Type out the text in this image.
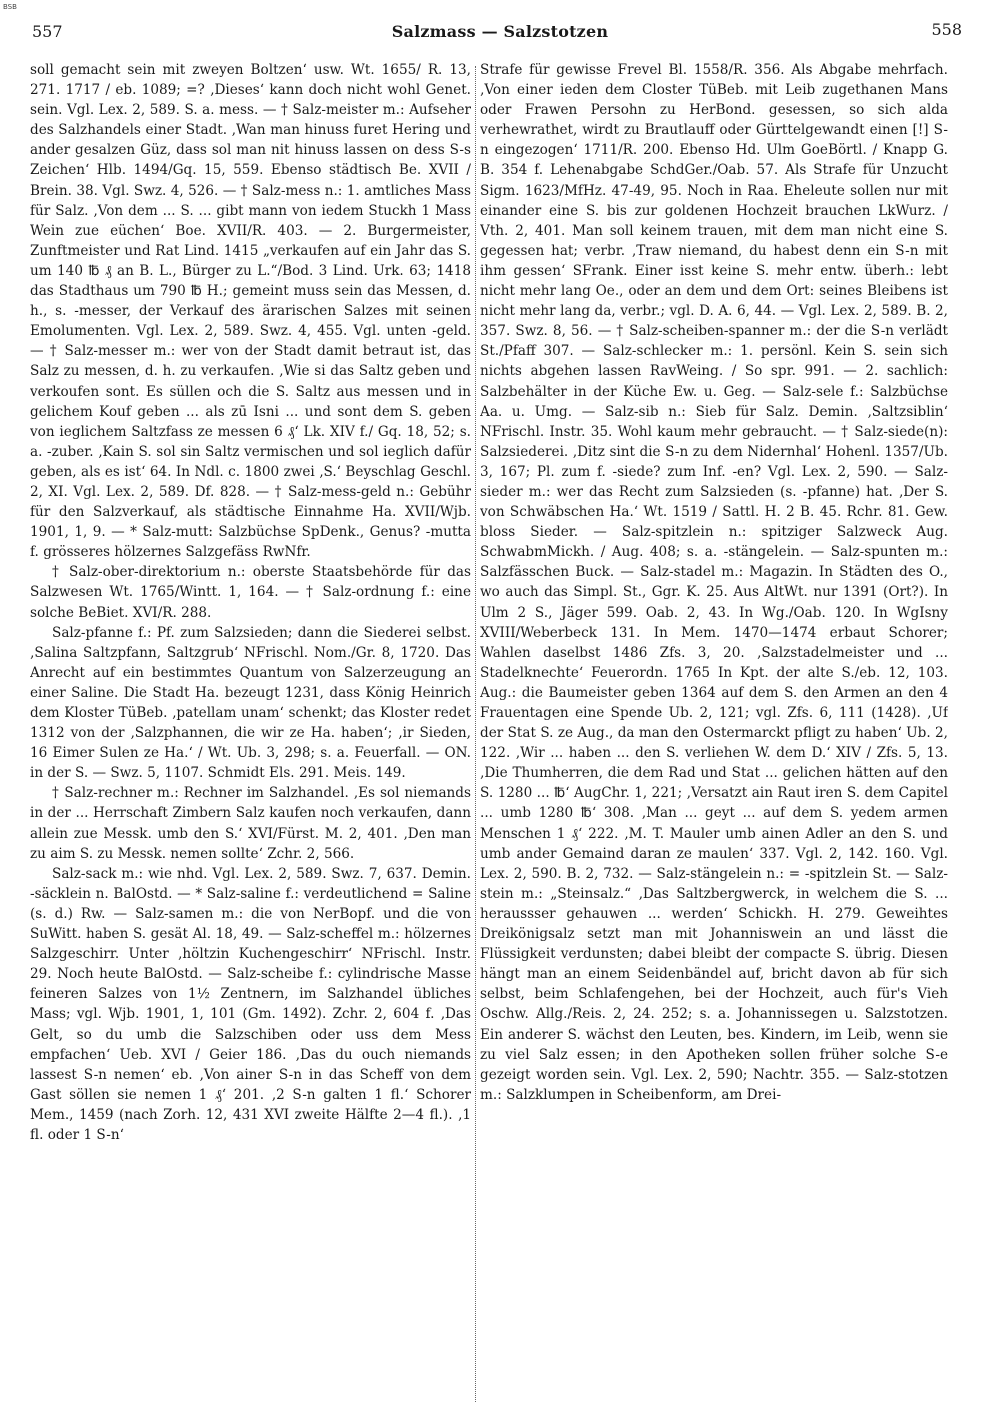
BSB
557	Salzmass — Salzstotzen	558

soll gemacht sein mit zweyen Boltzen‘ usw. Wt. 1655/ R. 13, 271. 1717 / eb. 1089; =? ‚Dieses‘ kann doch nicht wohl Genet. sein. Vgl. Lex. 2, 589. S. a. mess. — † Salz-meister m.: Aufseher des Salzhandels einer Stadt. ‚Wan man hinuss furet Hering und ander gesalzen Güz, dass sol man nit hinuss lassen on dess S-s Zeichen‘ Hlb. 1494/Gq. 15, 559. Ebenso städtisch Be. XVII / Brein. 38. Vgl. Swz. 4, 526. — † Salz-mess n.: 1. amtliches Mass für Salz. ‚Von dem ... S. ... gibt mann von iedem Stuckh 1 Mass Wein zue eüchen‘ Boe. XVII/R. 403. — 2. Burgermeister, Zunftmeister und Rat Lind. 1415 „verkaufen auf ein Jahr das S. um 140 ℔ ₰ an B. L., Bürger zu L.“/Bod. 3 Lind. Urk. 63; 1418 das Stadthaus um 790 ℔ H.; gemeint muss sein das Messen, d. h., s. -messer, der Verkauf des ärarischen Salzes mit seinen Emolumenten. Vgl. Lex. 2, 589. Swz. 4, 455. Vgl. unten -geld. — † Salz-messer m.: wer von der Stadt damit betraut ist, das Salz zu messen, d. h. zu verkaufen. ‚Wie si das Saltz geben und verkoufen sont. Es süllen och die S. Saltz aus messen und in gelichem Kouf geben ... als zū Isni ... und sont dem S. geben von ieglichem Saltzfass ze messen 6 ₰‘ Lk. XIV f./ Gq. 18, 52; s. a. -zuber. ‚Kain S. sol sin Saltz vermischen und sol ieglich dafür geben, als es ist‘ 64. In Ndl. c. 1800 zwei ‚S.‘ Beyschlag Geschl. 2, XI. Vgl. Lex. 2, 589. Df. 828. — † Salz-mess-geld n.: Gebühr für den Salzverkauf, als städtische Einnahme Ha. XVII/Wjb. 1901, 1, 9. — * Salz-mutt: Salzbüchse SpDenk., Genus? -mutta f. grösseres hölzernes Salzgefäss RwNfr.

† Salz-ober-direktorium n.: oberste Staatsbehörde für das Salzwesen Wt. 1765/Wintt. 1, 164. — † Salz-ordnung f.: eine solche BeBiet. XVI/R. 288.

Salz-pfanne f.: Pf. zum Salzsieden; dann die Siederei selbst. ‚Salina Saltzpfann, Saltzgrub‘ NFrischl. Nom./Gr. 8, 1720. Das Anrecht auf ein bestimmtes Quantum von Salzerzeugung an einer Saline. Die Stadt Ha. bezeugt 1231, dass König Heinrich dem Kloster TüBeb. ‚patellam unam‘ schenkt; das Kloster redet 1312 von der ‚Salzphannen, die wir ze Ha. haben‘; ‚ir Sieden, 16 Eimer Sulen ze Ha.‘ / Wt. Ub. 3, 298; s. a. Feuerfall. — ON. in der S. — Swz. 5, 1107. Schmidt Els. 291. Meis. 149.

† Salz-rechner m.: Rechner im Salzhandel. ‚Es sol niemands in der ... Herrschaft Zimbern Salz kaufen noch verkaufen, dann allein zue Messk. umb den S.‘ XVI/Fürst. M. 2, 401. ‚Den man zu aim S. zu Messk. nemen sollte‘ Zchr. 2, 566.

Salz-sack m.: wie nhd. Vgl. Lex. 2, 589. Swz. 7, 637. Demin. -säcklein n. BalOstd. — * Salz-saline f.: verdeutlichend = Saline (s. d.) Rw. — Salz-samen m.: die von NerBopf. und die von SuWitt. haben S. gesät Al. 18, 49. — Salz-scheffel m.: hölzernes Salzgeschirr. Unter ‚höltzin Kuchengeschirr‘ NFrischl. Instr. 29. Noch heute BalOstd. — Salz-scheibe f.: cylindrische Masse feineren Salzes von 1½ Zentnern, im Salzhandel übliches Mass; vgl. Wjb. 1901, 1, 101 (Gm. 1492). Zchr. 2, 604 f. ‚Das Gelt, so du umb die Salzschiben oder uss dem Mess empfachen‘ Ueb. XVI / Geier 186. ‚Das du ouch niemands lassest S-n nemen‘ eb. ‚Von ainer S-n in das Scheff von dem Gast söllen sie nemen 1 ₰‘ 201. ‚2 S-n galten 1 fl.‘ Schorer Mem., 1459 (nach Zorh. 12, 431 XVI zweite Hälfte 2—4 fl.). ‚1 fl. oder 1 S-n‘

Strafe für gewisse Frevel Bl. 1558/R. 356. Als Abgabe mehrfach. ‚Von einer ieden dem Closter TüBeb. mit Leib zugethanen Mans oder Frawen Persohn zu HerBond. gesessen, so sich alda verhewrathet, wirdt zu Brautlauff oder Gürttelgewandt einen [!] S-n eingezogen‘ 1711/R. 200. Ebenso Hd. Ulm GoeBörtl. / Knapp G. B. 354 f. Lehenabgabe SchdGer./Oab. 57. Als Strafe für Unzucht Sigm. 1623/MfHz. 47-49, 95. Noch in Raa. Eheleute sollen nur mit einander eine S. bis zur goldenen Hochzeit brauchen LkWurz. / Vth. 2, 401. Man soll keinem trauen, mit dem man nicht eine S. gegessen hat; verbr. ‚Traw niemand, du habest denn ein S-n mit ihm gessen‘ SFrank. Einer isst keine S. mehr entw. überh.: lebt nicht mehr lang Oe., oder an dem und dem Ort: seines Bleibens ist nicht mehr lang da, verbr.; vgl. D. A. 6, 44. — Vgl. Lex. 2, 589. B. 2, 357. Swz. 8, 56. — † Salz-scheiben-spanner m.: der die S-n verlädt St./Pfaff 307. — Salz-schlecker m.: 1. persönl. Kein S. sein sich nichts abgehen lassen RavWeing. / So spr. 991. — 2. sachlich: Salzbehälter in der Küche Ew. u. Geg. — Salz-sele f.: Salzbüchse Aa. u. Umg. — Salz-sib n.: Sieb für Salz. Demin. ‚Saltzsiblin‘ NFrischl. Instr. 35. Wohl kaum mehr gebraucht. — † Salz-siede(n): Salzsiederei. ‚Ditz sint die S-n zu dem Nidernhal‘ Hohenl. 1357/Ub. 3, 167; Pl. zum f. -siede? zum Inf. -en? Vgl. Lex. 2, 590. — Salz-sieder m.: wer das Recht zum Salzsieden (s. -pfanne) hat. ‚Der S. von Schwäbschen Ha.‘ Wt. 1519 / Sattl. H. 2 B. 45. Rchr. 81. Gew. bloss Sieder. — Salz-spitzlein n.: spitziger Salzweck Aug. SchwabmMickh. / Aug. 408; s. a. -stängelein. — Salz-spunten m.: Salzfässchen Buck. — Salz-stadel m.: Magazin. In Städten des O., wo auch das Simpl. St., Ggr. K. 25. Aus AltWt. nur 1391 (Ort?). In Ulm 2 S., Jäger 599. Oab. 2, 43. In Wg./Oab. 120. In WgIsny XVIII/Weberbeck 131. In Mem. 1470—1474 erbaut Schorer; Wahlen daselbst 1486 Zfs. 3, 20. ‚Salzstadelmeister und ... Stadelknechte‘ Feuerordn. 1765 In Kpt. der alte S./eb. 12, 103. Aug.: die Baumeister geben 1364 auf dem S. den Armen an den 4 Frauentagen eine Spende Ub. 2, 121; vgl. Zfs. 6, 111 (1428). ‚Uf der Stat S. ze Aug., da man den Ostermarckt pfligt zu haben‘ Ub. 2, 122. ‚Wir ... haben ... den S. verliehen W. dem D.‘ XIV / Zfs. 5, 13. ‚Die Thumherren, die dem Rad und Stat ... gelichen hätten auf den S. 1280 ... ℔‘ AugChr. 1, 221; ‚Versatzt ain Raut iren S. dem Capitel ... umb 1280 ℔‘ 308. ‚Man ... geyt ... auf dem S. yedem armen Menschen 1 ₰‘ 222. ‚M. T. Mauler umb ainen Adler an den S. und umb ander Gemaind daran ze maulen‘ 337. Vgl. 2, 142. 160. Vgl. Lex. 2, 590. B. 2, 732. — Salz-stängelein n.: = -spitzlein St. — Salz-stein m.: „Steinsalz.“ ‚Das Saltzbergwerck, in welchem die S. ... heraussser gehauwen ... werden‘ Schickh. H. 279. Geweihtes Dreikönigsalz setzt man mit Johanniswein an und lässt die Flüssigkeit verdunsten; dabei bleibt der compacte S. übrig. Diesen hängt man an einem Seidenbändel auf, bricht davon ab für sich selbst, beim Schlafengehen, bei der Hochzeit, auch für's Vieh Oschw. Allg./Reis. 2, 24. 252; s. a. Johannissegen u. Salzstotzen. Ein anderer S. wächst den Leuten, bes. Kindern, im Leib, wenn sie zu viel Salz essen; in den Apotheken sollen früher solche S-e gezeigt worden sein. Vgl. Lex. 2, 590; Nachtr. 355. — Salz-stotzen m.: Salzklumpen in Scheibenform, am Drei-
